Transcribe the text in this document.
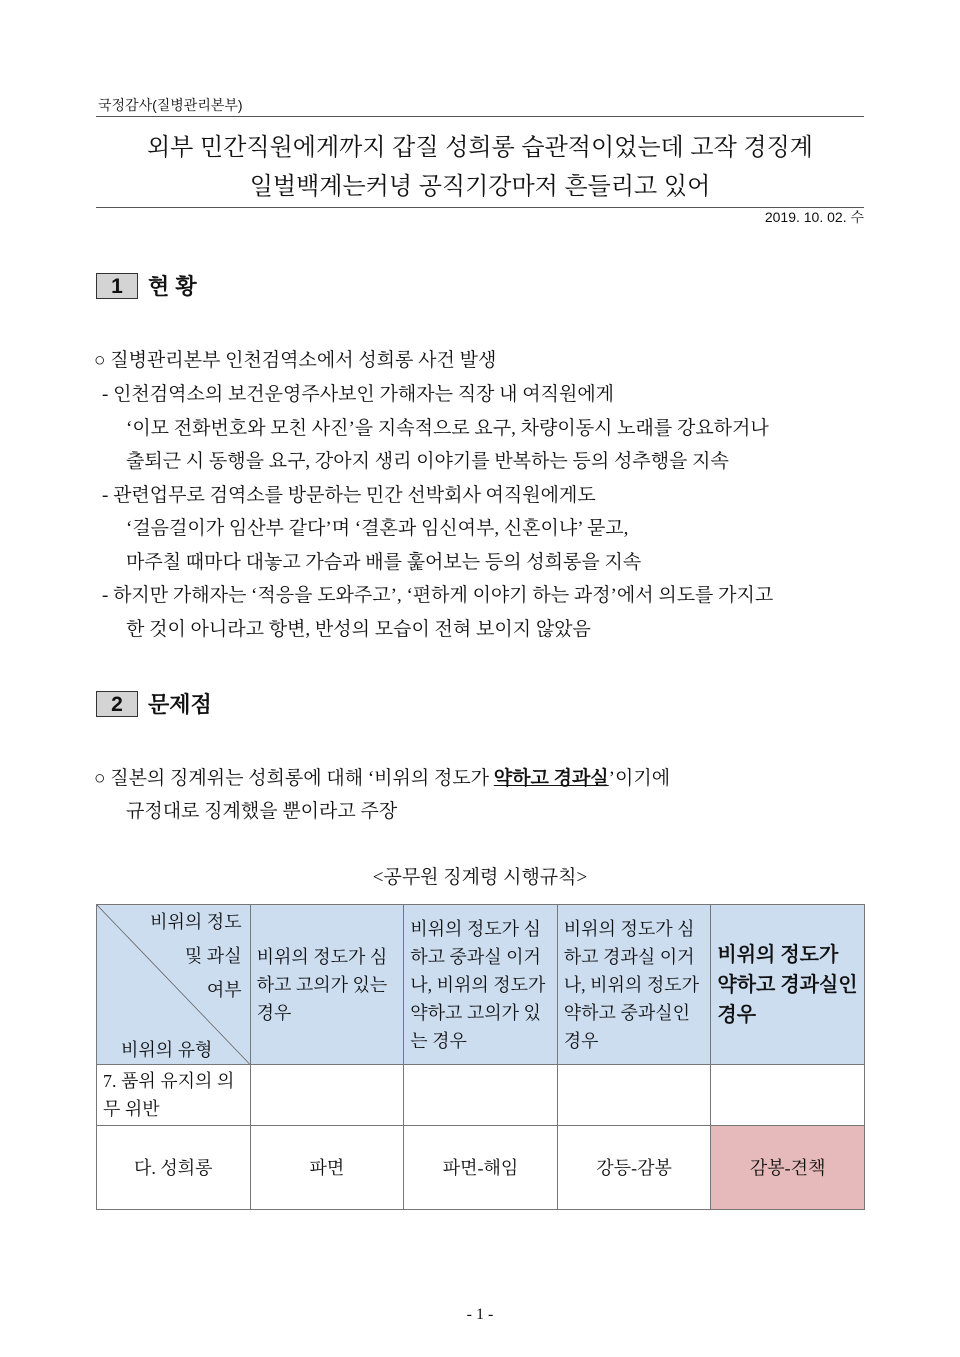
국정감사(질병관리본부)
외부 민간직원에게까지 갑질 성희롱 습관적이었는데 고작 경징계
일벌백계는커녕 공직기강마저 흔들리고 있어
2019. 10. 02. 수
1	현 황
○ 질병관리본부 인천검역소에서 성희롱 사건 발생
- 인천검역소의 보건운영주사보인 가해자는 직장 내 여직원에게
‘이모 전화번호와 모친 사진’을 지속적으로 요구, 차량이동시 노래를 강요하거나
출퇴근 시 동행을 요구, 강아지 생리 이야기를 반복하는 등의 성추행을 지속
- 관련업무로 검역소를 방문하는 민간 선박회사 여직원에게도
‘걸음걸이가 임산부 같다’며 ‘결혼과 임신여부, 신혼이냐’ 묻고,
마주칠 때마다 대놓고 가슴과 배를 훑어보는 등의 성희롱을 지속
- 하지만 가해자는 ‘적응을 도와주고’, ‘편하게 이야기 하는 과정’에서 의도를 가지고
한 것이 아니라고 항변, 반성의 모습이 전혀 보이지 않았음
2	문제점
○ 질본의 징계위는 성희롱에 대해 ‘비위의 정도가 약하고 경과실’이기에
규정대로 징계했을 뿐이라고 주장
<공무원 징계령 시행규칙>
비위의 정도
및 과실
여부
비위의 유형	비위의 정도가 심하고 고의가 있는 경우	비위의 정도가 심하고 중과실 이거나, 비위의 정도가 약하고 고의가 있는 경우	비위의 정도가 심하고 경과실 이거나, 비위의 정도가 약하고 중과실인 경우	비위의 정도가 약하고 경과실인 경우
7. 품위 유지의 의무 위반				
다. 성희롱	파면	파면-해임	강등-감봉	감봉-견책
- 1 -
